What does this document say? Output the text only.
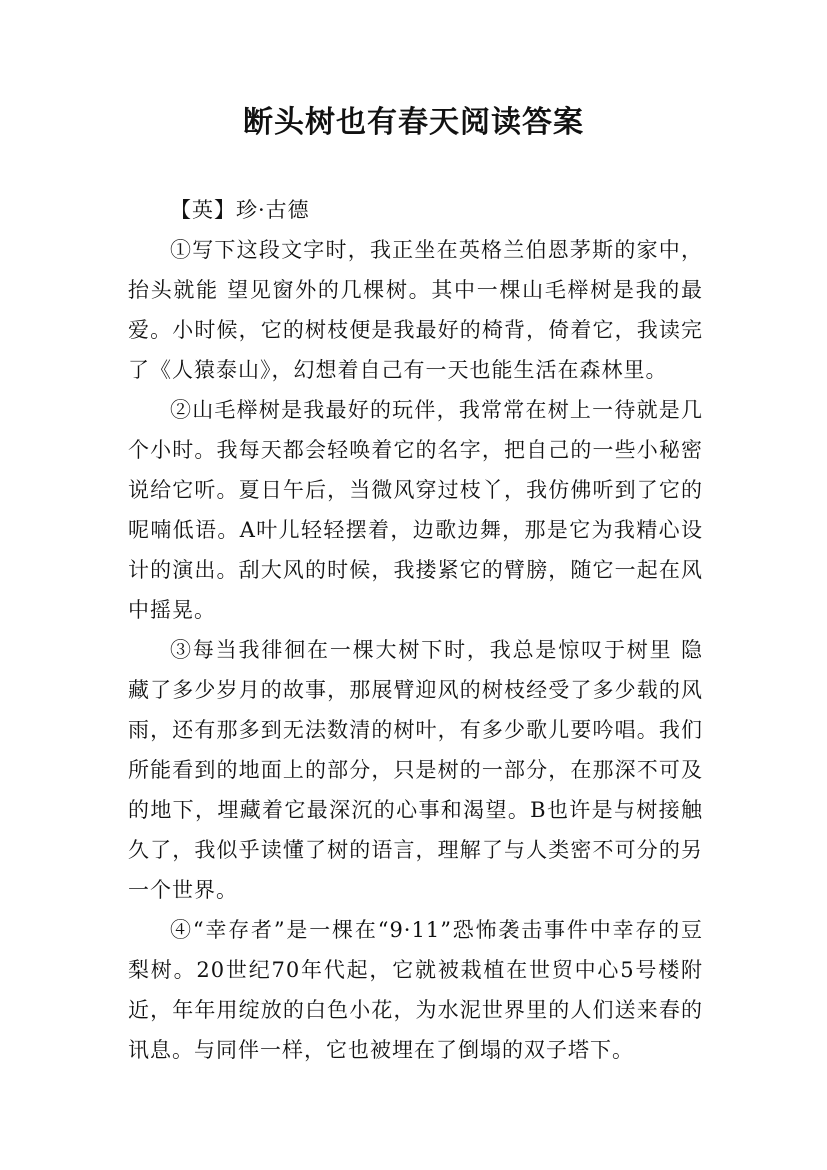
断头树也有春天阅读答案

【英】珍·古德

①写下这段文字时，我正坐在英格兰伯恩茅斯的家中，抬头就能 望见窗外的几棵树。其中一棵山毛榉树是我的最爱。小时候，它的树枝便是我最好的椅背，倚着它，我读完了《人猿泰山》，幻想着自己有一天也能生活在森林里。

②山毛榉树是我最好的玩伴，我常常在树上一待就是几个小时。我每天都会轻唤着它的名字，把自己的一些小秘密说给它听。夏日午后，当微风穿过枝丫，我仿佛听到了它的呢喃低语。A叶儿轻轻摆着，边歌边舞，那是它为我精心设计的演出。刮大风的时候，我搂紧它的臂膀，随它一起在风中摇晃。

③每当我徘徊在一棵大树下时，我总是惊叹于树里 隐藏了多少岁月的故事，那展臂迎风的树枝经受了多少载的风雨，还有那多到无法数清的树叶，有多少歌儿要吟唱。我们所能看到的地面上的部分，只是树的一部分，在那深不可及的地下，埋藏着它最深沉的心事和渴望。B也许是与树接触久了，我似乎读懂了树的语言，理解了与人类密不可分的另一个世界。

④“幸存者”是一棵在“9·11”恐怖袭击事件中幸存的豆梨树。20世纪70年代起，它就被栽植在世贸中心5号楼附近，年年用绽放的白色小花，为水泥世界里的人们送来春的讯息。与同伴一样，它也被埋在了倒塌的双子塔下。
